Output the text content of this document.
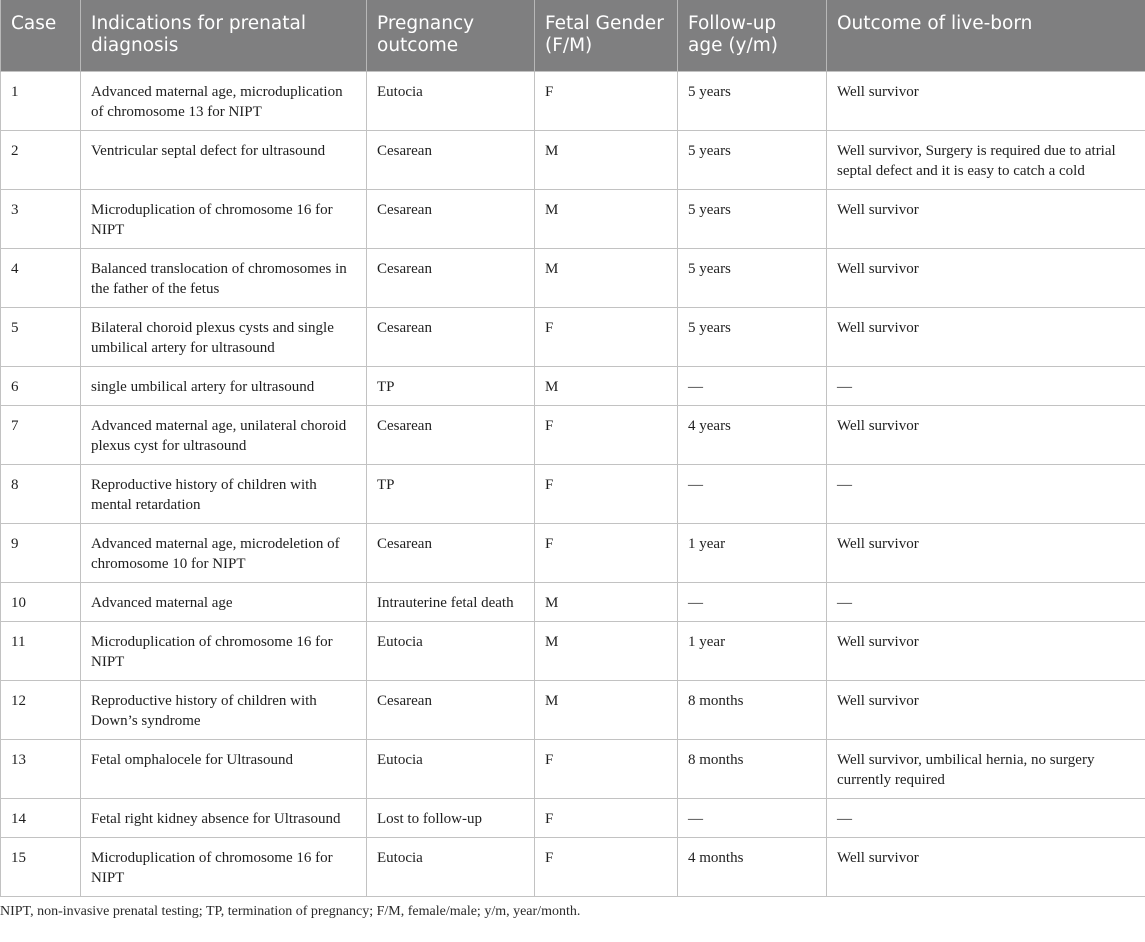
Case	Indications for prenatal diagnosis	Pregnancy outcome	Fetal Gender (F/M)	Follow-up age (y/m)	Outcome of live-born
1	Advanced maternal age, microduplication of chromosome 13 for NIPT	Eutocia	F	5 years	Well survivor
2	Ventricular septal defect for ultrasound	Cesarean	M	5 years	Well survivor, Surgery is required due to atrial septal defect and it is easy to catch a cold
3	Microduplication of chromosome 16 for NIPT	Cesarean	M	5 years	Well survivor
4	Balanced translocation of chromosomes in the father of the fetus	Cesarean	M	5 years	Well survivor
5	Bilateral choroid plexus cysts and single umbilical artery for ultrasound	Cesarean	F	5 years	Well survivor
6	single umbilical artery for ultrasound	TP	M	—	—
7	Advanced maternal age, unilateral choroid plexus cyst for ultrasound	Cesarean	F	4 years	Well survivor
8	Reproductive history of children with mental retardation	TP	F	—	—
9	Advanced maternal age, microdeletion of chromosome 10 for NIPT	Cesarean	F	1 year	Well survivor
10	Advanced maternal age	Intrauterine fetal death	M	—	—
11	Microduplication of chromosome 16 for NIPT	Eutocia	M	1 year	Well survivor
12	Reproductive history of children with Down’s syndrome	Cesarean	M	8 months	Well survivor
13	Fetal omphalocele for Ultrasound	Eutocia	F	8 months	Well survivor, umbilical hernia, no surgery currently required
14	Fetal right kidney absence for Ultrasound	Lost to follow-up	F	—	—
15	Microduplication of chromosome 16 for NIPT	Eutocia	F	4 months	Well survivor

NIPT, non-invasive prenatal testing; TP, termination of pregnancy; F/M, female/male; y/m, year/month.
